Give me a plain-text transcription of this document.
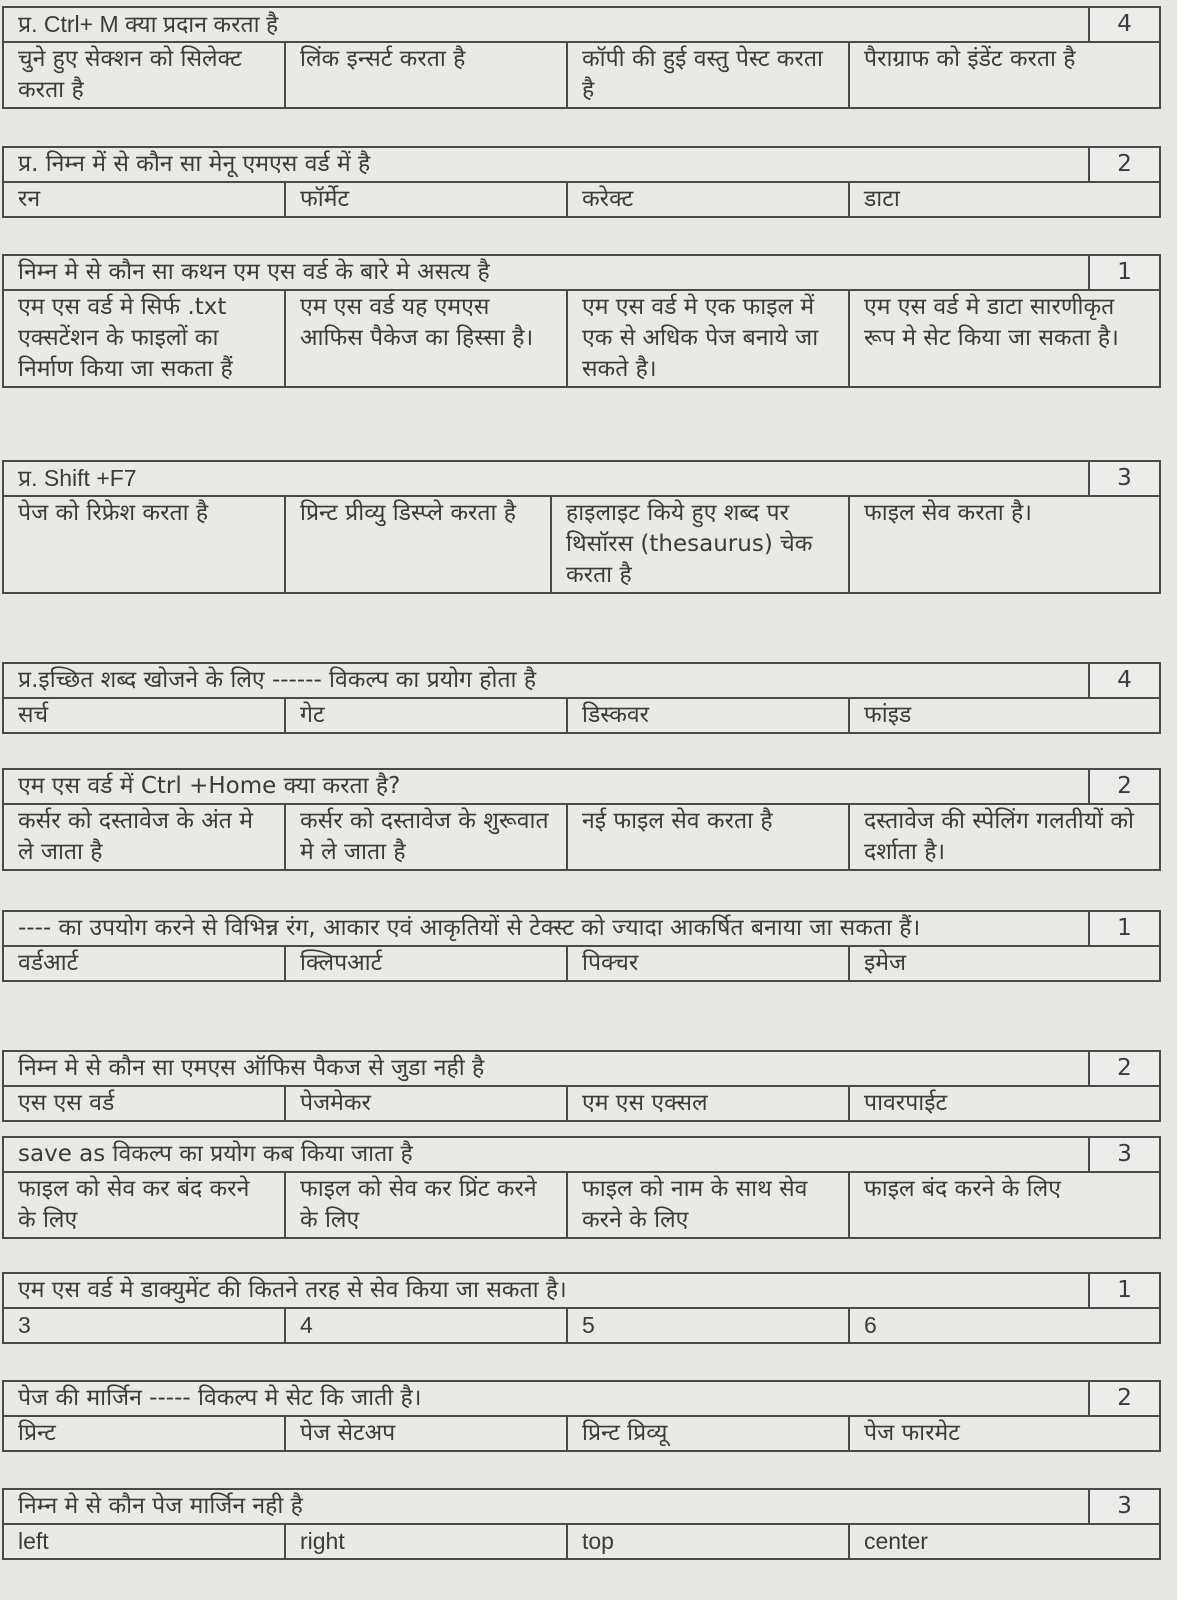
प्र. Ctrl+ M क्या प्रदान करता है				4
चुने हुए सेक्शन को सिलेक्ट करता है	लिंक इन्सर्ट करता है	कॉपी की हुई वस्तु पेस्ट करता है	पैराग्राफ को इंडेंट करता है	
प्र. निम्न में से कौन सा मेनू एमएस वर्ड में है				2
रन	फॉर्मेट	करेक्ट	डाटा	
निम्न मे से कौन सा कथन एम एस वर्ड के बारे मे असत्य है				1
एम एस वर्ड मे सिर्फ .txt एक्सटेंशन के फाइलों का निर्माण किया जा सकता हैं	एम एस वर्ड यह एमएस आफिस पैकेज का हिस्सा है।	एम एस वर्ड मे एक फाइल में एक से अधिक पेज बनाये जा सकते है।	एम एस वर्ड मे डाटा सारणीकृत रूप मे सेट किया जा सकता है।	
प्र. Shift +F7				3
पेज को रिफ्रेश करता है	प्रिन्ट प्रीव्यु डिस्प्ले करता है	हाइलाइट किये हुए शब्द पर थिसॉरस (thesaurus) चेक करता है	फाइल सेव करता है।	
प्र.इच्छित शब्द खोजने के लिए ------ विकल्प का प्रयोग होता है				4
सर्च	गेट	डिस्कवर	फांइड	
एम एस वर्ड में Ctrl +Home क्या करता है?				2
कर्सर को दस्तावेज के अंत मे ले जाता है	कर्सर को दस्तावेज के शुरूवात मे ले जाता है	नई फाइल सेव करता है	दस्तावेज की स्पेलिंग गलतीयों को दर्शाता है।	
---- का उपयोग करने से विभिन्न रंग, आकार एवं आकृतियों से टेक्स्ट को ज्यादा आकर्षित बनाया जा सकता हैं।				1
वर्डआर्ट	क्लिपआर्ट	पिक्चर	इमेज	
निम्न मे से कौन सा एमएस ऑफिस पैकज से जुडा नही है				2
एस एस वर्ड	पेजमेकर	एम एस एक्सल	पावरपाईट	
save as विकल्प का प्रयोग कब किया जाता है				3
फाइल को सेव कर बंद करने के लिए	फाइल को सेव कर प्रिंट करने के लिए	फाइल को नाम के साथ सेव करने के लिए	फाइल बंद करने के लिए	
एम एस वर्ड मे डाक्युमेंट की कितने तरह से सेव किया जा सकता है।				1
3	4	5	6	
पेज की मार्जिन ----- विकल्प मे सेट कि जाती है।				2
प्रिन्ट	पेज सेटअप	प्रिन्ट प्रिव्यू	पेज फारमेट	
निम्न मे से कौन पेज मार्जिन नही है				3
left	right	top	center	
